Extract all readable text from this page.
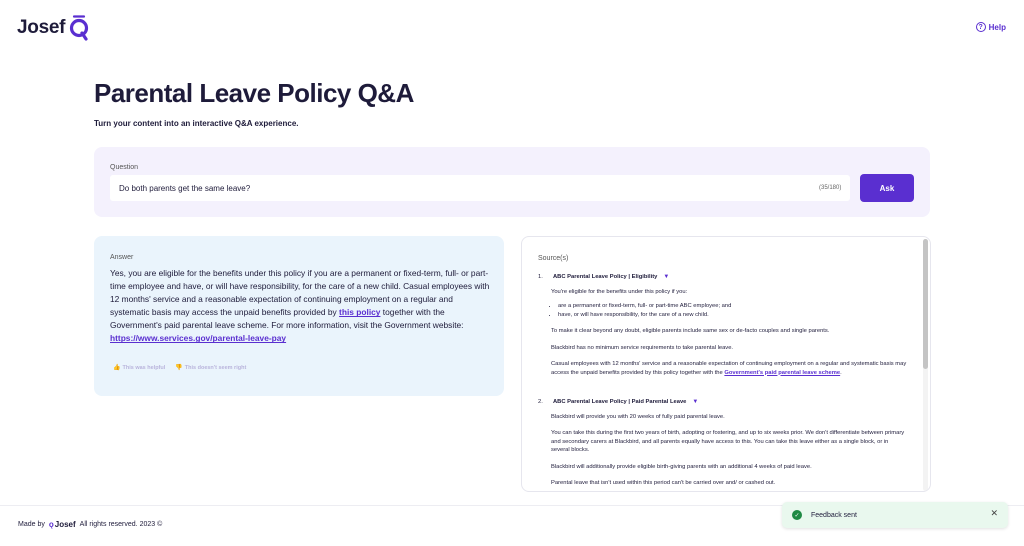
Josef	? Help
Parental Leave Policy Q&A
Turn your content into an interactive Q&A experience.
Question
Do both parents get the same leave?
(35/180)	Ask
Answer
Yes, you are eligible for the benefits under this policy if you are a permanent or fixed-term, full- or part-time employee and have, or will have responsibility, for the care of a new child. Casual employees with 12 months' service and a reasonable expectation of continuing employment on a regular and systematic basis may access the unpaid benefits provided by this policy together with the Government's paid parental leave scheme. For more information, visit the Government website: https://www.services.gov/parental-leave-pay
👍 This was helpful 👎 This doesn't seem right
Source(s)
1.	ABC Parental Leave Policy | Eligibility ▼

You're eligible for the benefits under this policy if you:

• are a permanent or fixed-term, full- or part-time ABC employee; and
• have, or will have responsibility, for the care of a new child.

To make it clear beyond any doubt, eligible parents include same sex or de-facto couples and single parents.

Blackbird has no minimum service requirements to take parental leave.

Casual employees with 12 months' service and a reasonable expectation of continuing employment on a regular and systematic basis may access the unpaid benefits provided by this policy together with the Government's paid parental leave scheme.

2.	ABC Parental Leave Policy | Paid Parental Leave ▼

Blackbird will provide you with 20 weeks of fully paid parental leave.

You can take this during the first two years of birth, adopting or fostering, and up to six weeks prior. We don't differentiate between primary and secondary carers at Blackbird, and all parents equally have access to this. You can take this leave either as a single block, or in several blocks.

Blackbird will additionally provide eligible birth-giving parents with an additional 4 weeks of paid leave.

Parental leave that isn't used within this period can't be carried over and/ or cashed out.

Made by ǫ Josef All rights reserved. 2023 ©
✓	Feedback sent	✕
